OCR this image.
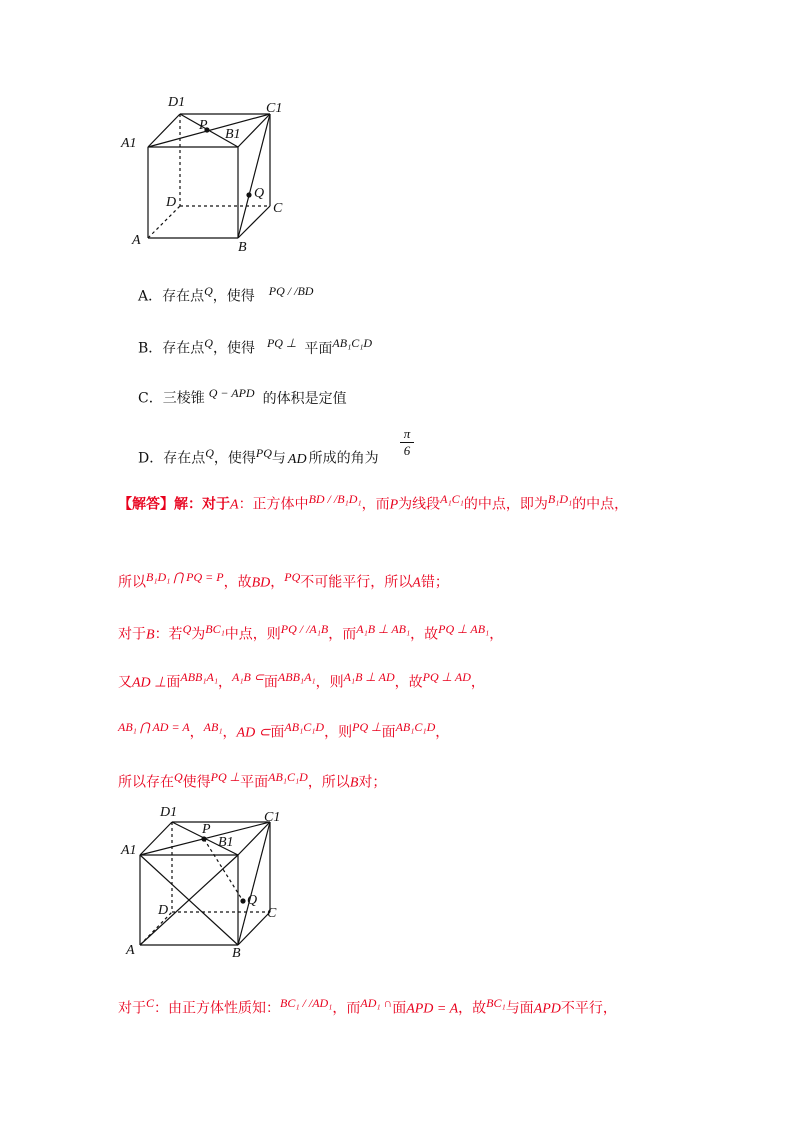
D1	C1
A1
B1
P
Q
D	C
A	B
A．存在点$^Q$，使得 $^{PQ / /BD}$
B．存在点$^Q$，使得 $^{PQ \perp}$ 平面$^{AB_1C_1D}$
C．三棱锥 $^{Q - APD}$ 的体积是定值
D．存在点$^Q$，使得$^{PQ}$与 AD 所成的角为 $\frac{\pi}{6}$
【解答】解：对于A：正方体中$^{BD / /B_1D_1}$，而P为线段$^{A_1C_1}$的中点，即为$^{B_1D_1}$的中点，
所以$^{B_1D_1 ⋂ PQ = P}$，故BD，$^{PQ}$不可能平行，所以A错；
对于B：若$^Q$为$^{BC_1}$中点，则$^{PQ / /A_1B}$，而$^{A_1B \perp AB_1}$，故$^{PQ \perp AB_1}$，
又AD ⊥面$^{ABB_1A_1}$，$^{A_1B \subset}$面$^{ABB_1A_1}$，则$^{A_1B \perp AD}$，故$^{PQ \perp AD}$，
$^{AB_1 ⋂ AD = A}$，$^{AB_1}$，AD ⊂面$^{AB_1C_1D}$，则$^{PQ \perp}$面$^{AB_1C_1D}$，
所以存在$^Q$使得$^{PQ \perp}$平面$^{AB_1C_1D}$，所以B对；
D1	C1
A1
B1
P
Q
D	C
A	B
对于$^C$：由正方体性质知：$^{BC_1 / /AD_1}$，而$^{AD_1 \cap}$面APD = A，故$^{BC_1}$与面APD不平行，
